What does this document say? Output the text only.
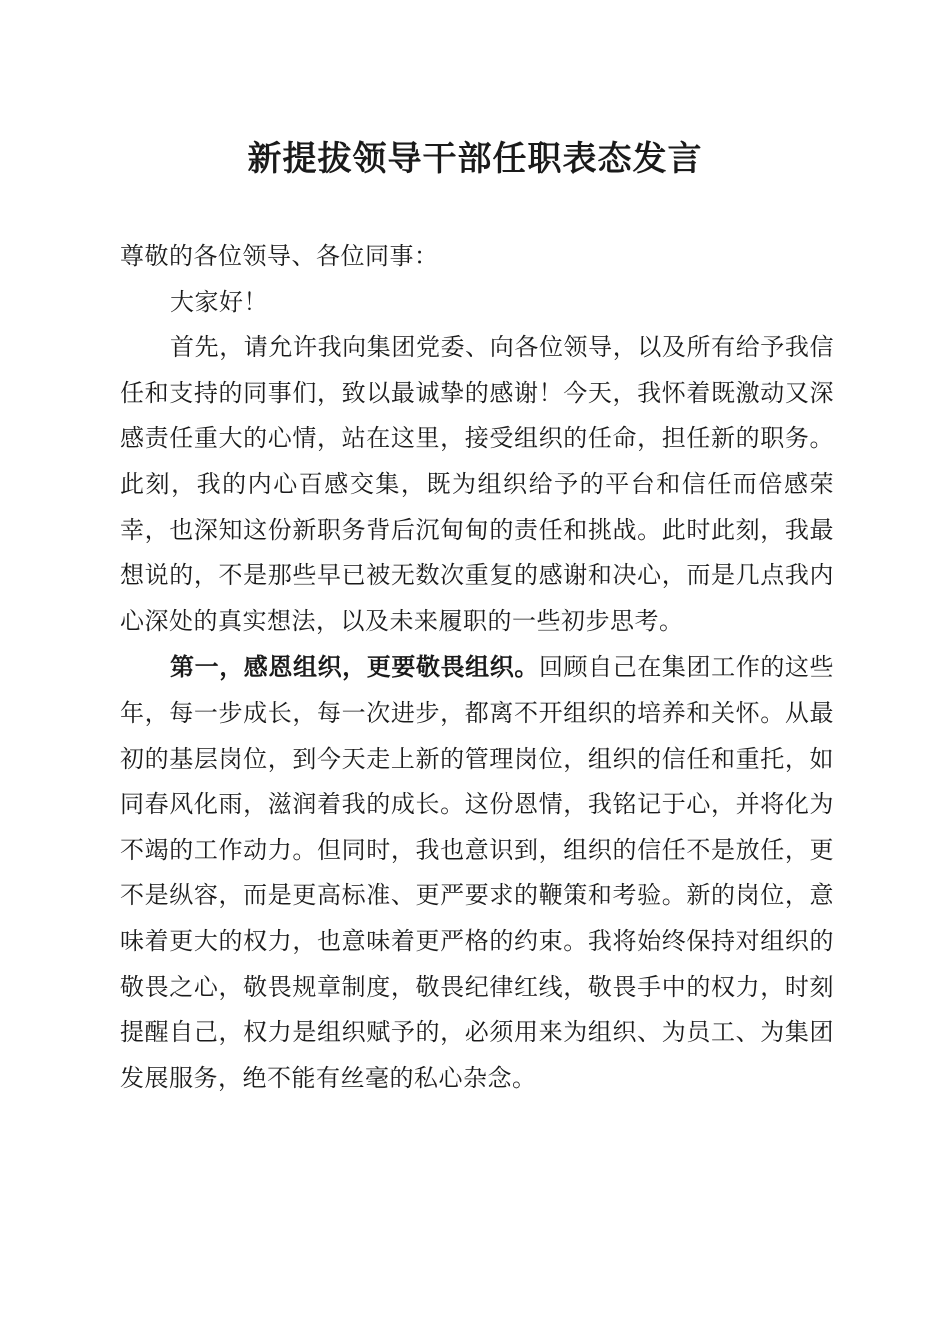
新提拔领导干部任职表态发言

尊敬的各位领导、各位同事：

大家好！

首先，请允许我向集团党委、向各位领导，以及所有给予我信任和支持的同事们，致以最诚挚的感谢！今天，我怀着既激动又深感责任重大的心情，站在这里，接受组织的任命，担任新的职务。此刻，我的内心百感交集，既为组织给予的平台和信任而倍感荣幸，也深知这份新职务背后沉甸甸的责任和挑战。此时此刻，我最想说的，不是那些早已被无数次重复的感谢和决心，而是几点我内心深处的真实想法，以及未来履职的一些初步思考。

第一，感恩组织，更要敬畏组织。回顾自己在集团工作的这些年，每一步成长，每一次进步，都离不开组织的培养和关怀。从最初的基层岗位，到今天走上新的管理岗位，组织的信任和重托，如同春风化雨，滋润着我的成长。这份恩情，我铭记于心，并将化为不竭的工作动力。但同时，我也意识到，组织的信任不是放任，更不是纵容，而是更高标准、更严要求的鞭策和考验。新的岗位，意味着更大的权力，也意味着更严格的约束。我将始终保持对组织的敬畏之心，敬畏规章制度，敬畏纪律红线，敬畏手中的权力，时刻提醒自己，权力是组织赋予的，必须用来为组织、为员工、为集团发展服务，绝不能有丝毫的私心杂念。
